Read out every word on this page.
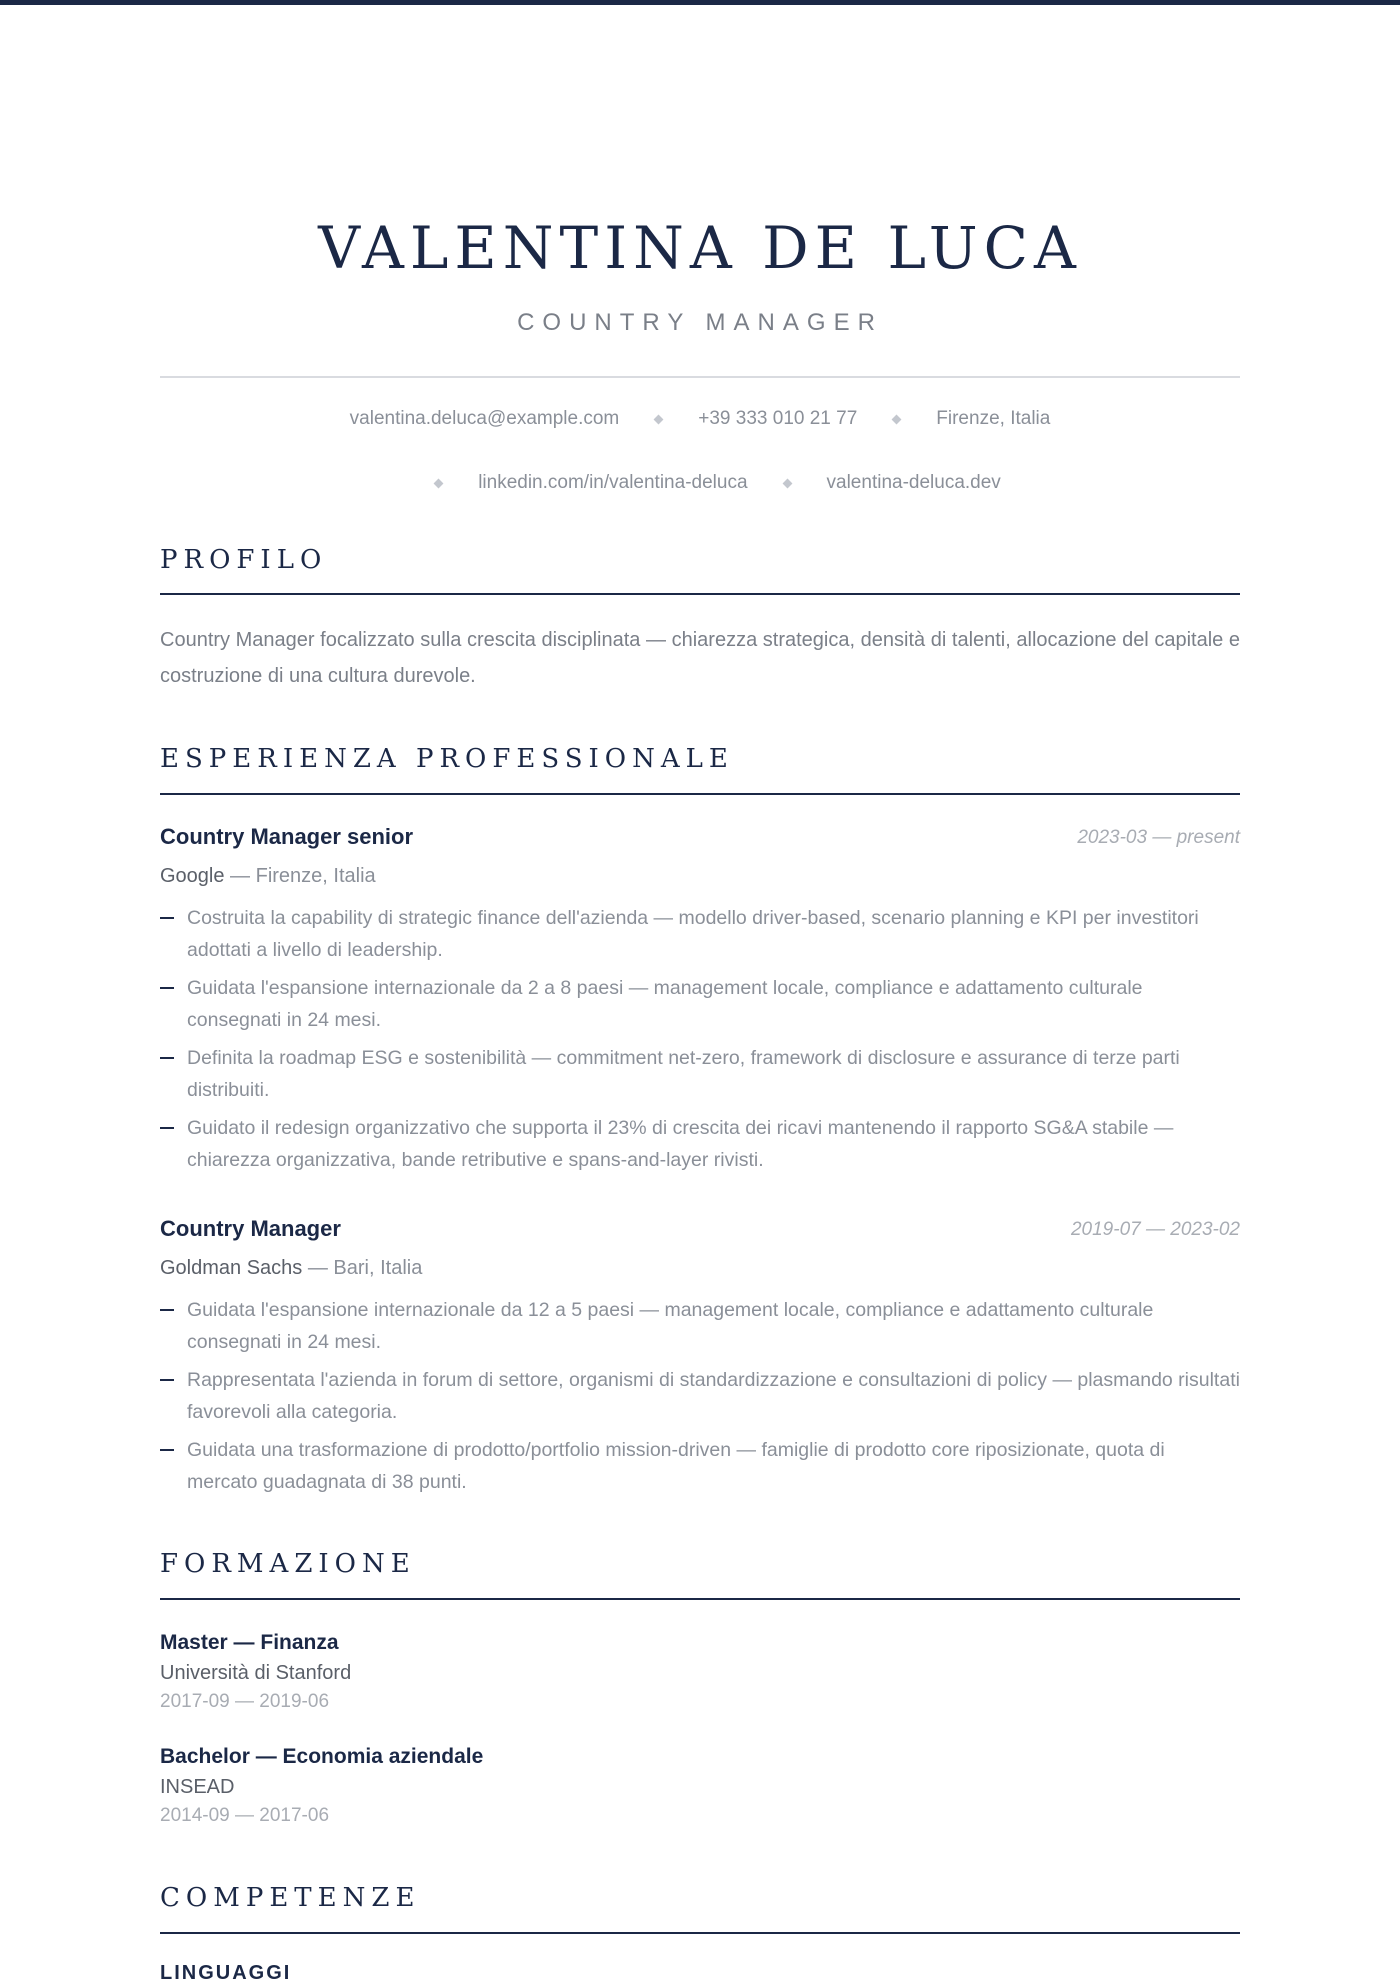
VALENTINA DE LUCA
COUNTRY MANAGER
valentina.deluca@example.com	+39 333 010 21 77	Firenze, Italia
linkedin.com/in/valentina-deluca	valentina-deluca.dev
PROFILO
Country Manager focalizzato sulla crescita disciplinata — chiarezza strategica, densità di talenti, allocazione del capitale e costruzione di una cultura durevole.
ESPERIENZA PROFESSIONALE
Country Manager senior	2023-03 — present
Google — Firenze, Italia
Costruita la capability di strategic finance dell'azienda — modello driver-based, scenario planning e KPI per investitori adottati a livello di leadership.
Guidata l'espansione internazionale da 2 a 8 paesi — management locale, compliance e adattamento culturale consegnati in 24 mesi.
Definita la roadmap ESG e sostenibilità — commitment net-zero, framework di disclosure e assurance di terze parti distribuiti.
Guidato il redesign organizzativo che supporta il 23% di crescita dei ricavi mantenendo il rapporto SG&A stabile — chiarezza organizzativa, bande retributive e spans-and-layer rivisti.
Country Manager	2019-07 — 2023-02
Goldman Sachs — Bari, Italia
Guidata l'espansione internazionale da 12 a 5 paesi — management locale, compliance e adattamento culturale consegnati in 24 mesi.
Rappresentata l'azienda in forum di settore, organismi di standardizzazione e consultazioni di policy — plasmando risultati favorevoli alla categoria.
Guidata una trasformazione di prodotto/portfolio mission-driven — famiglie di prodotto core riposizionate, quota di mercato guadagnata di 38 punti.
FORMAZIONE
Master — Finanza
Università di Stanford
2017-09 — 2019-06
Bachelor — Economia aziendale
INSEAD
2014-09 — 2017-06
COMPETENZE
LINGUAGGI
